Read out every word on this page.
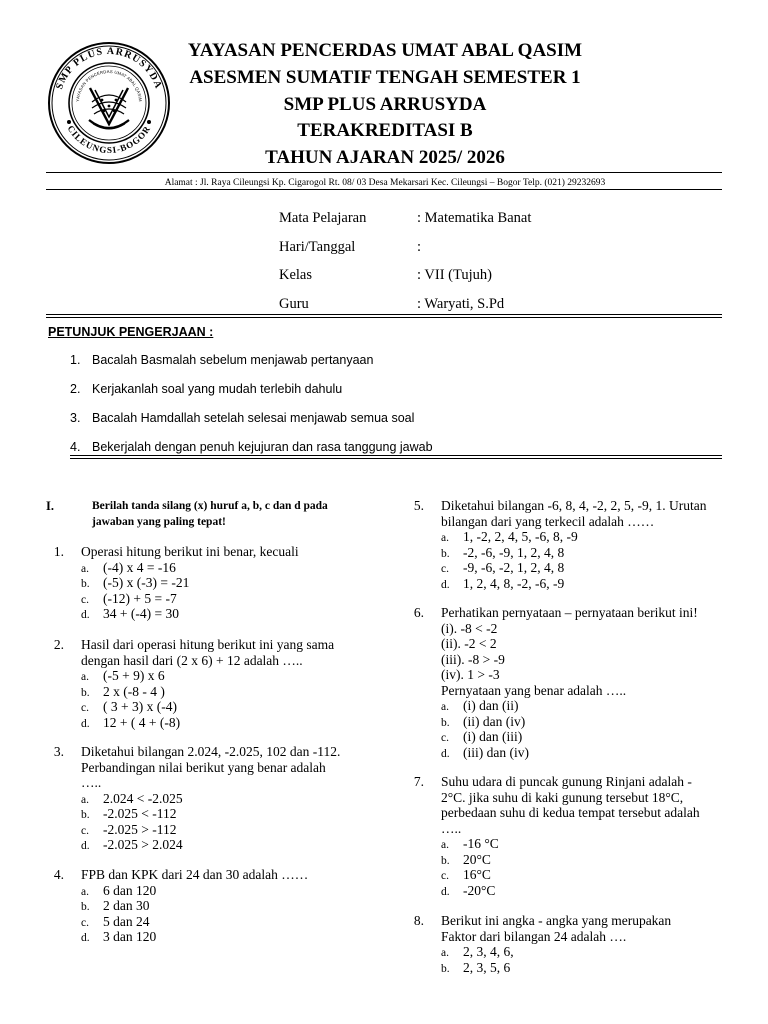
SMP PLUS ARRUSYDA
CILEUNGSI-BOGOR
YAYASAN PENCERDAS UMAT ABAL QASIM
YAYASAN PENCERDAS UMAT ABAL QASIM
ASESMEN SUMATIF TENGAH SEMESTER 1
SMP PLUS ARRUSYDA
TERAKREDITASI B
TAHUN AJARAN 2025/ 2026
Alamat : Jl. Raya Cileungsi Kp. Cigarogol Rt. 08/ 03 Desa Mekarsari Kec. Cileungsi – Bogor Telp. (021) 29232693
Mata Pelajaran	: Matematika Banat
Hari/Tanggal	:
Kelas	: VII (Tujuh)
Guru	: Waryati, S.Pd
PETUNJUK PENGERJAAN :
1. Bacalah Basmalah sebelum menjawab pertanyaan
2. Kerjakanlah soal yang mudah terlebih dahulu
3. Bacalah Hamdallah setelah selesai menjawab semua soal
4. Bekerjalah dengan penuh kejujuran dan rasa tanggung jawab
I.	Berilah tanda silang (x) huruf a, b, c dan d pada jawaban yang paling tepat!
1. Operasi hitung berikut ini benar, kecuali
a. (-4) x 4 = -16
b. (-5) x (-3) = -21
c. (-12) + 5 = -7
d. 34 + (-4) = 30
2. Hasil dari operasi hitung berikut ini yang sama
dengan hasil dari (2 x 6) + 12 adalah …..
a. (-5 + 9) x 6
b. 2 x (-8 - 4 )
c. ( 3 + 3) x (-4)
d. 12 + ( 4 + (-8)
3. Diketahui bilangan 2.024, -2.025, 102 dan -112.
Perbandingan nilai berikut yang benar adalah
…..
a. 2.024 < -2.025
b. -2.025 < -112
c. -2.025 > -112
d. -2.025 > 2.024
4. FPB dan KPK dari 24 dan 30 adalah ……
a. 6 dan 120
b. 2 dan 30
c. 5 dan 24
d. 3 dan 120
5. Diketahui bilangan -6, 8, 4, -2, 2, 5, -9, 1. Urutan
bilangan dari yang terkecil adalah ……
a. 1, -2, 2, 4, 5, -6, 8, -9
b. -2, -6, -9, 1, 2, 4, 8
c. -9, -6, -2, 1, 2, 4, 8
d. 1, 2, 4, 8, -2, -6, -9
6. Perhatikan pernyataan – pernyataan berikut ini!
(i). -8 < -2
(ii). -2 < 2
(iii). -8 > -9
(iv). 1 > -3
Pernyataan yang benar adalah …..
a. (i) dan (ii)
b. (ii) dan (iv)
c. (i) dan (iii)
d. (iii) dan (iv)
7. Suhu udara di puncak gunung Rinjani adalah -
2°C. jika suhu di kaki gunung tersebut 18°C,
perbedaan suhu di kedua tempat tersebut adalah
…..
a. -16 °C
b. 20°C
c. 16°C
d. -20°C
8. Berikut ini angka - angka yang merupakan
Faktor dari bilangan 24 adalah ….
a. 2, 3, 4, 6,
b. 2, 3, 5, 6
